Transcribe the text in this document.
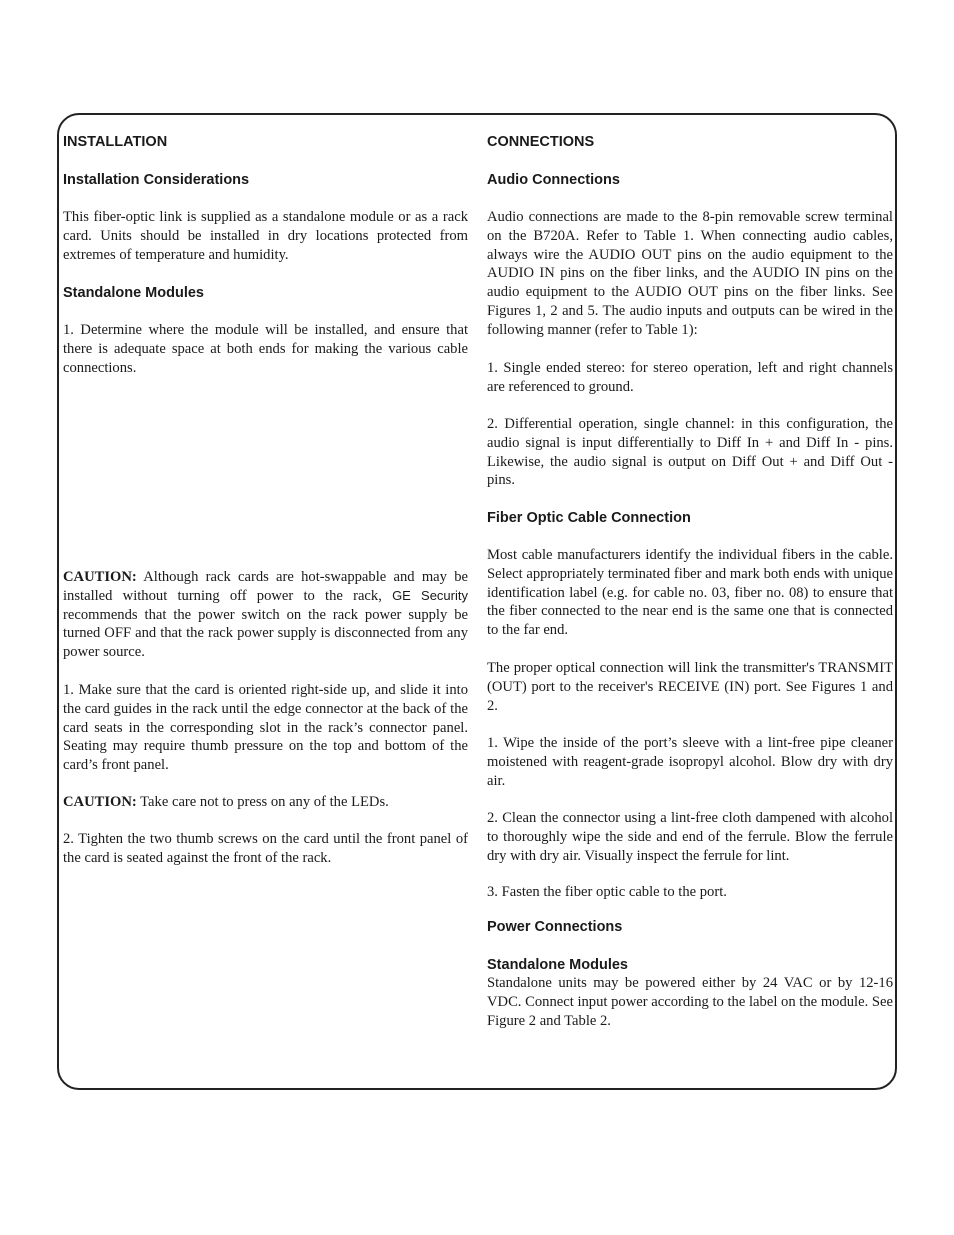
INSTALLATION
Installation Considerations
This fiber-optic link is supplied as a standalone module or as a rack card. Units should be installed in dry locations protected from extremes of temperature and humidity.
Standalone Modules
1. Determine where the module will be installed, and ensure that there is adequate space at both ends for making the various cable connections.
CAUTION: Although rack cards are hot-swappable and may be installed without turning off power to the rack, GE Security recommends that the power switch on the rack power supply be turned OFF and that the rack power supply is disconnected from any power source.
1. Make sure that the card is oriented right-side up, and slide it into the card guides in the rack until the edge connector at the back of the card seats in the corresponding slot in the rack’s connector panel. Seating may require thumb pressure on the top and bottom of the card’s front panel.
CAUTION: Take care not to press on any of the LEDs.
2. Tighten the two thumb screws on the card until the front panel of the card is seated against the front of the rack.
CONNECTIONS
Audio Connections
Audio connections are made to the 8-pin removable screw terminal on the B720A. Refer to Table 1. When connecting audio cables, always wire the AUDIO OUT pins on the audio equipment to the AUDIO IN pins on the fiber links, and the AUDIO IN pins on the audio equipment to the AUDIO OUT pins on the fiber links. See Figures 1, 2 and 5. The audio inputs and outputs can be wired in the following manner (refer to Table 1):
1. Single ended stereo: for stereo operation, left and right channels are referenced to ground.
2. Differential operation, single channel: in this configuration, the audio signal is input differentially to Diff In + and Diff In - pins. Likewise, the audio signal is output on Diff Out + and Diff Out - pins.
Fiber Optic Cable Connection
Most cable manufacturers identify the individual fibers in the cable. Select appropriately terminated fiber and mark both ends with unique identification label (e.g. for cable no. 03, fiber no. 08) to ensure that the fiber connected to the near end is the same one that is connected to the far end.
The proper optical connection will link the transmitter's TRANSMIT (OUT) port to the receiver's RECEIVE (IN) port. See Figures 1 and 2.
1. Wipe the inside of the port’s sleeve with a lint-free pipe cleaner moistened with reagent-grade isopropyl alcohol. Blow dry with dry air.
2. Clean the connector using a lint-free cloth dampened with alcohol to thoroughly wipe the side and end of the ferrule. Blow the ferrule dry with dry air. Visually inspect the ferrule for lint.
3. Fasten the fiber optic cable to the port.
Power Connections
Standalone Modules
Standalone units may be powered either by 24 VAC or by 12-16 VDC. Connect input power according to the label on the module. See Figure 2 and Table 2.
